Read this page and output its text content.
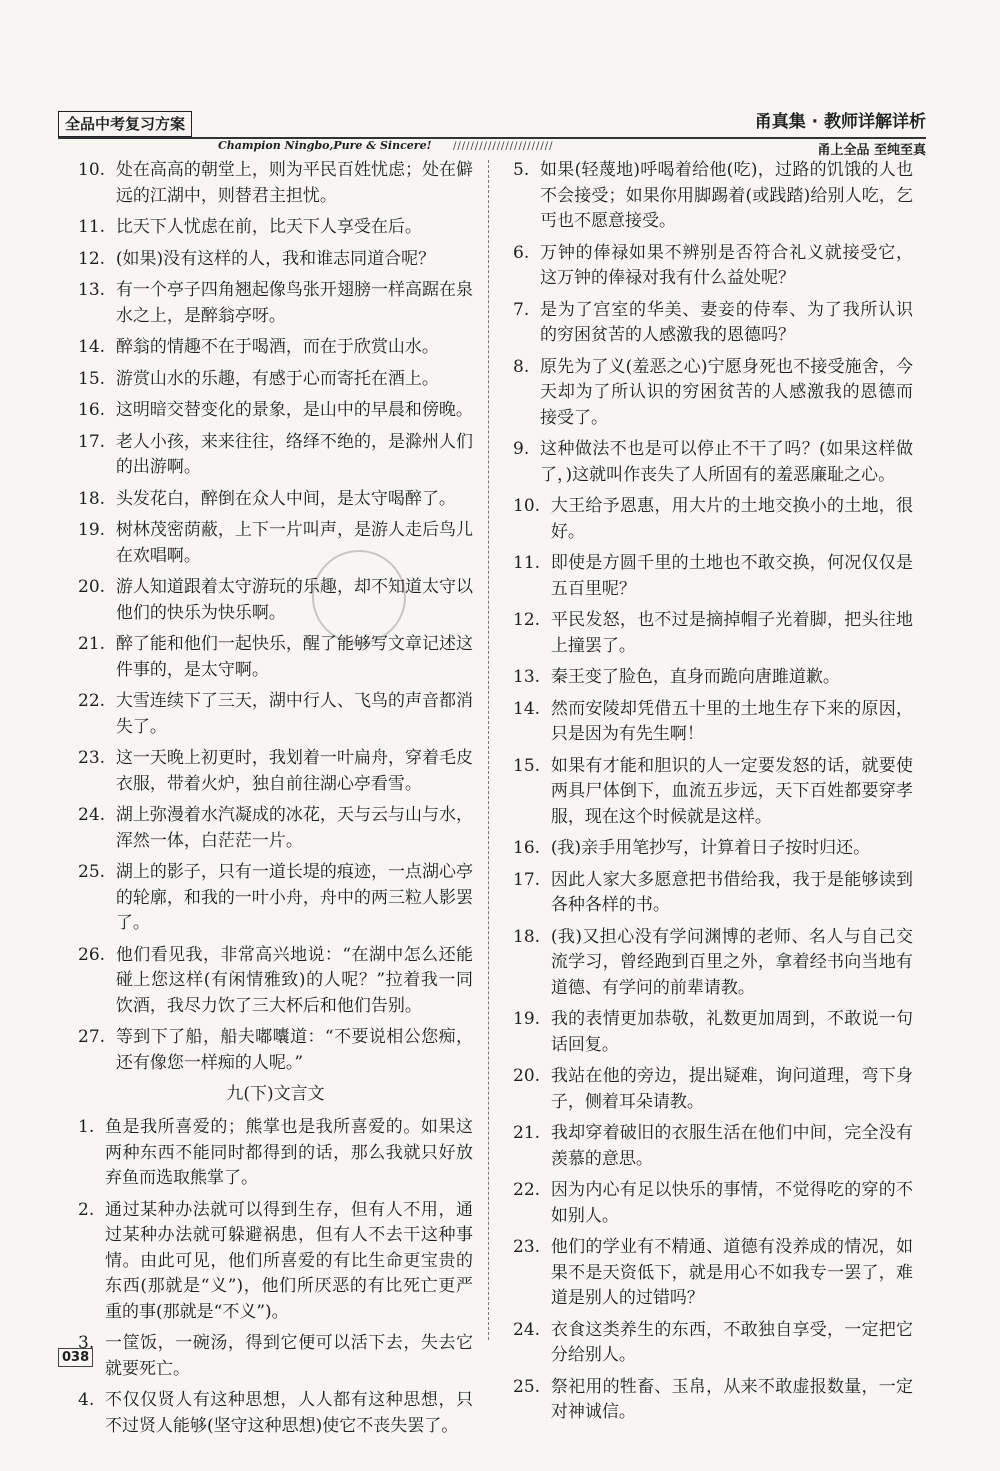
全品中考复习方案	甬真集 · 教师详解详析
Champion Ningbo,Pure & Sincere! ///////////////////////	甬上全品 至纯至真
10. 处在高高的朝堂上，则为平民百姓忧虑；处在僻远的江湖中，则替君主担忧。
11. 比天下人忧虑在前，比天下人享受在后。
12. (如果)没有这样的人，我和谁志同道合呢？
13. 有一个亭子四角翘起像鸟张开翅膀一样高踞在泉水之上，是醉翁亭呀。
14. 醉翁的情趣不在于喝酒，而在于欣赏山水。
15. 游赏山水的乐趣，有感于心而寄托在酒上。
16. 这明暗交替变化的景象，是山中的早晨和傍晚。
17. 老人小孩，来来往往，络绎不绝的，是滁州人们的出游啊。
18. 头发花白，醉倒在众人中间，是太守喝醉了。
19. 树林茂密荫蔽，上下一片叫声，是游人走后鸟儿在欢唱啊。
20. 游人知道跟着太守游玩的乐趣，却不知道太守以他们的快乐为快乐啊。
21. 醉了能和他们一起快乐，醒了能够写文章记述这件事的，是太守啊。
22. 大雪连续下了三天，湖中行人、飞鸟的声音都消失了。
23. 这一天晚上初更时，我划着一叶扁舟，穿着毛皮衣服，带着火炉，独自前往湖心亭看雪。
24. 湖上弥漫着水汽凝成的冰花，天与云与山与水，浑然一体，白茫茫一片。
25. 湖上的影子，只有一道长堤的痕迹，一点湖心亭的轮廓，和我的一叶小舟，舟中的两三粒人影罢了。
26. 他们看见我，非常高兴地说：“在湖中怎么还能碰上您这样(有闲情雅致)的人呢？”拉着我一同饮酒，我尽力饮了三大杯后和他们告别。
27. 等到下了船，船夫嘟囔道：“不要说相公您痴，还有像您一样痴的人呢。”
九(下)文言文
1. 鱼是我所喜爱的；熊掌也是我所喜爱的。如果这两种东西不能同时都得到的话，那么我就只好放弃鱼而选取熊掌了。
2. 通过某种办法就可以得到生存，但有人不用，通过某种办法就可躲避祸患，但有人不去干这种事情。由此可见，他们所喜爱的有比生命更宝贵的东西(那就是“义”)，他们所厌恶的有比死亡更严重的事(那就是“不义”)。
3. 一筐饭，一碗汤，得到它便可以活下去，失去它就要死亡。
4. 不仅仅贤人有这种思想，人人都有这种思想，只不过贤人能够(坚守这种思想)使它不丧失罢了。
5. 如果(轻蔑地)呼喝着给他(吃)，过路的饥饿的人也不会接受；如果你用脚踢着(或践踏)给别人吃，乞丐也不愿意接受。
6. 万钟的俸禄如果不辨别是否符合礼义就接受它，这万钟的俸禄对我有什么益处呢？
7. 是为了宫室的华美、妻妾的侍奉、为了我所认识的穷困贫苦的人感激我的恩德吗？
8. 原先为了义(羞恶之心)宁愿身死也不接受施舍，今天却为了所认识的穷困贫苦的人感激我的恩德而接受了。
9. 这种做法不也是可以停止不干了吗？(如果这样做了，)这就叫作丧失了人所固有的羞恶廉耻之心。
10. 大王给予恩惠，用大片的土地交换小的土地，很好。
11. 即使是方圆千里的土地也不敢交换，何况仅仅是五百里呢？
12. 平民发怒，也不过是摘掉帽子光着脚，把头往地上撞罢了。
13. 秦王变了脸色，直身而跪向唐雎道歉。
14. 然而安陵却凭借五十里的土地生存下来的原因，只是因为有先生啊！
15. 如果有才能和胆识的人一定要发怒的话，就要使两具尸体倒下，血流五步远，天下百姓都要穿孝服，现在这个时候就是这样。
16. (我)亲手用笔抄写，计算着日子按时归还。
17. 因此人家大多愿意把书借给我，我于是能够读到各种各样的书。
18. (我)又担心没有学问渊博的老师、名人与自己交流学习，曾经跑到百里之外，拿着经书向当地有道德、有学问的前辈请教。
19. 我的表情更加恭敬，礼数更加周到，不敢说一句话回复。
20. 我站在他的旁边，提出疑难，询问道理，弯下身子，侧着耳朵请教。
21. 我却穿着破旧的衣服生活在他们中间，完全没有羡慕的意思。
22. 因为内心有足以快乐的事情，不觉得吃的穿的不如别人。
23. 他们的学业有不精通、道德有没养成的情况，如果不是天资低下，就是用心不如我专一罢了，难道是别人的过错吗？
24. 衣食这类养生的东西，不敢独自享受，一定把它分给别人。
25. 祭祀用的牲畜、玉帛，从来不敢虚报数量，一定对神诚信。
038
